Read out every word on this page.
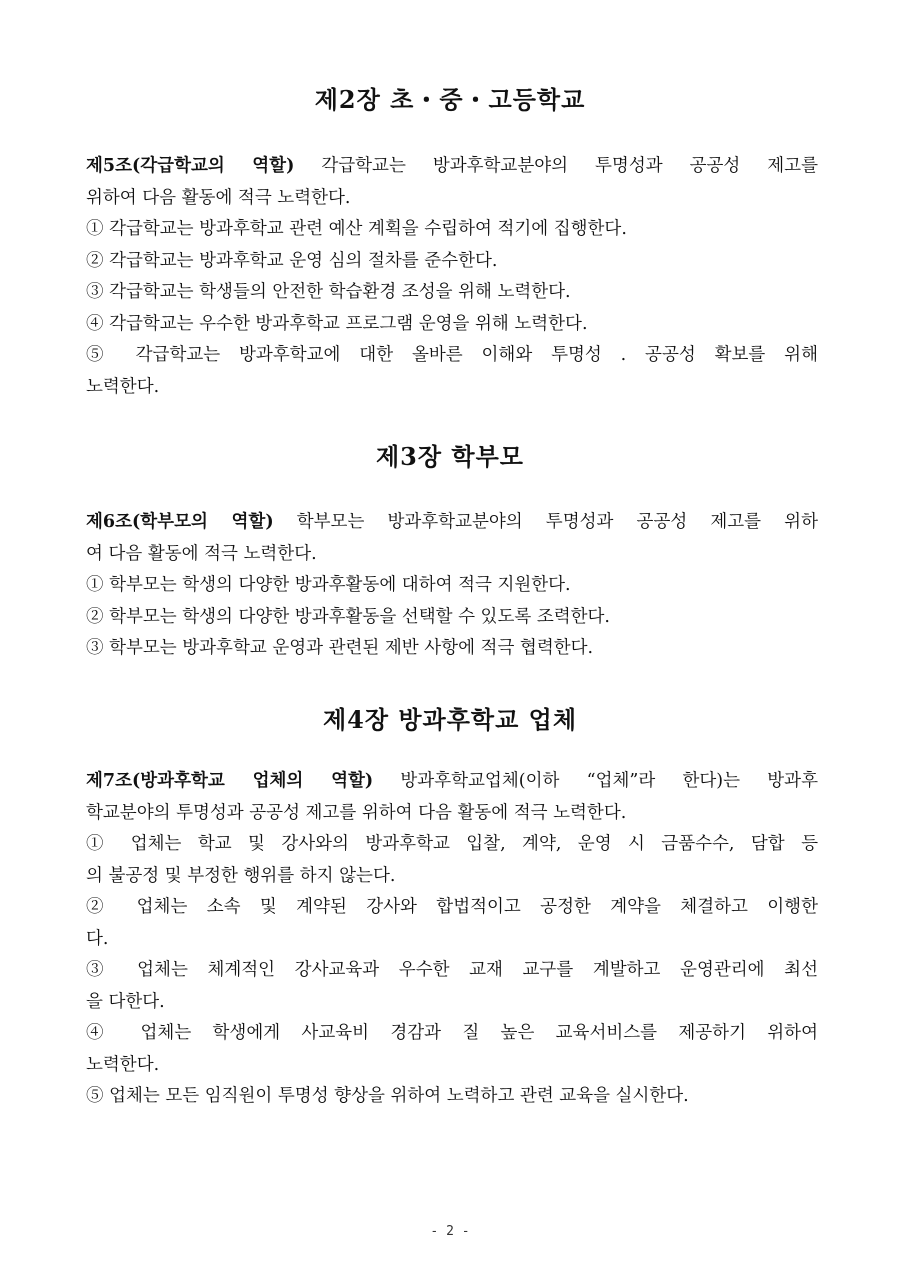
제2장 초・중・고등학교
제5조(각급학교의 역할) 각급학교는 방과후학교분야의 투명성과 공공성 제고를
위하여 다음 활동에 적극 노력한다.
① 각급학교는 방과후학교 관련 예산 계획을 수립하여 적기에 집행한다.
② 각급학교는 방과후학교 운영 심의 절차를 준수한다.
③ 각급학교는 학생들의 안전한 학습환경 조성을 위해 노력한다.
④ 각급학교는 우수한 방과후학교 프로그램 운영을 위해 노력한다.
⑤ 각급학교는 방과후학교에 대한 올바른 이해와 투명성 . 공공성 확보를 위해
노력한다.
제3장 학부모
제6조(학부모의 역할) 학부모는 방과후학교분야의 투명성과 공공성 제고를 위하
여 다음 활동에 적극 노력한다.
① 학부모는 학생의 다양한 방과후활동에 대하여 적극 지원한다.
② 학부모는 학생의 다양한 방과후활동을 선택할 수 있도록 조력한다.
③ 학부모는 방과후학교 운영과 관련된 제반 사항에 적극 협력한다.
제4장 방과후학교 업체
제7조(방과후학교 업체의 역할) 방과후학교업체(이하 “업체”라 한다)는 방과후
학교분야의 투명성과 공공성 제고를 위하여 다음 활동에 적극 노력한다.
① 업체는 학교 및 강사와의 방과후학교 입찰, 계약, 운영 시 금품수수, 담합 등
의 불공정 및 부정한 행위를 하지 않는다.
② 업체는 소속 및 계약된 강사와 합법적이고 공정한 계약을 체결하고 이행한
다.
③ 업체는 체계적인 강사교육과 우수한 교재 교구를 계발하고 운영관리에 최선
을 다한다.
④ 업체는 학생에게 사교육비 경감과 질 높은 교육서비스를 제공하기 위하여
노력한다.
⑤ 업체는 모든 임직원이 투명성 향상을 위하여 노력하고 관련 교육을 실시한다.
- 2 -
